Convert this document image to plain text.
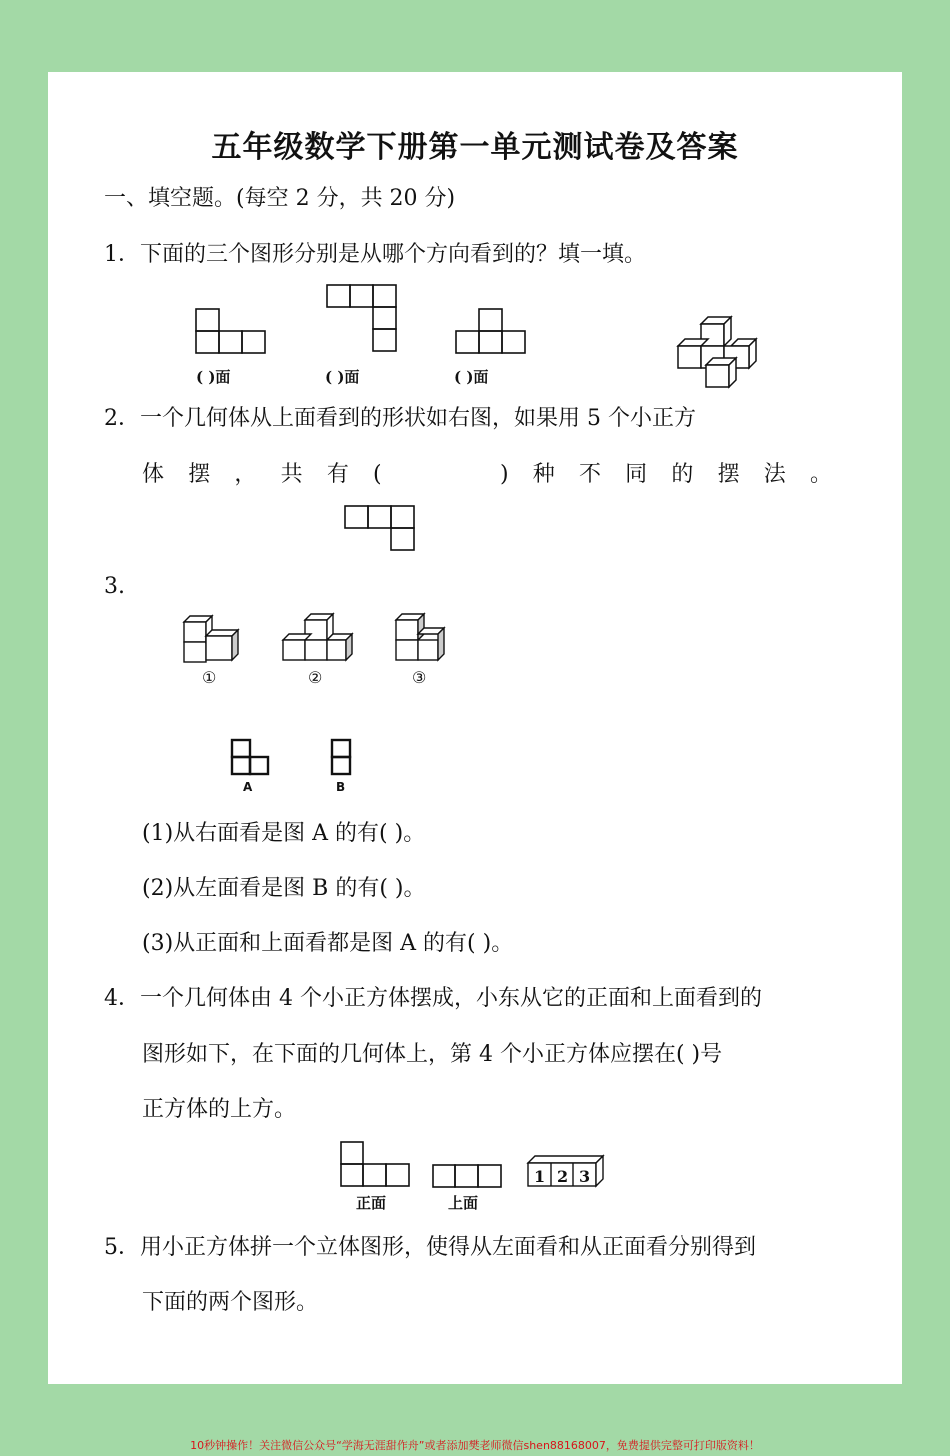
五年级数学下册第一单元测试卷及答案
一、填空题。(每空 2 分，共 20 分)
1．下面的三个图形分别是从哪个方向看到的？填一填。
( )面	( )面	( )面
2．一个几何体从上面看到的形状如右图，如果用 5 个小正方
体 摆 ， 共 有 (	) 种 不 同 的 摆 法 。
3.
①	②	③
A	B
(1)从右面看是图 A 的有( )。
(2)从左面看是图 B 的有( )。
(3)从正面和上面看都是图 A 的有( )。
4．一个几何体由 4 个小正方体摆成，小东从它的正面和上面看到的
图形如下，在下面的几何体上，第 4 个小正方体应摆在( )号
正方体的上方。
1 2 3
正面	上面
5．用小正方体拼一个立体图形，使得从左面看和从正面看分别得到
下面的两个图形。
10秒钟操作！关注微信公众号“学海无涯甜作舟”或者添加樊老师微信shen88168007，免费提供完整可打印版资料！
